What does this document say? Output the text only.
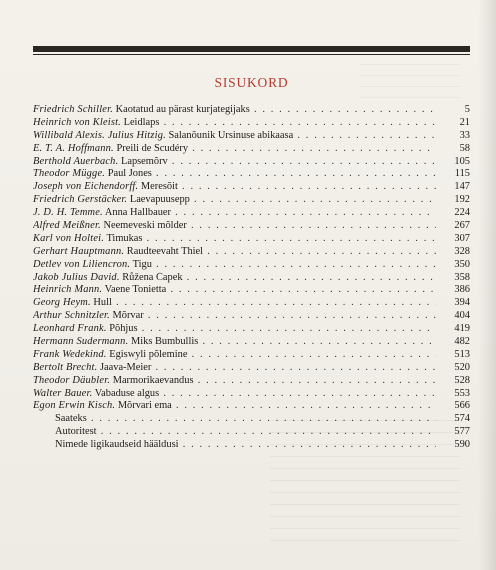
SISUKORD
Friedrich Schiller. Kaotatud au pärast kurjategijaks . . .	5
Heinrich von Kleist. Leidlaps . . .	21
Willibald Alexis. Julius Hitzig. Salanõunik Ursinuse abikaasa . . .	33
E. T. A. Hoffmann. Preili de Scudéry . . .	58
Berthold Auerbach. Lapsemõrv . . .	105
Theodor Mügge. Paul Jones . . .	115
Joseph von Eichendorff. Meresõit . . .	147
Friedrich Gerstäcker. Laevapuusepp . . .	192
J. D. H. Temme. Anna Hallbauer . . .	224
Alfred Meißner. Neemeveski mõlder . . .	267
Karl von Holtei. Timukas . . .	307
Gerhart Hauptmann. Raudteevaht Thiel . . .	328
Detlev von Liliencron. Tigu . . .	350
Jakob Julius David. Růžena Čapek . . .	358
Heinrich Mann. Vaene Tonietta . . .	386
Georg Heym. Hull . . .	394
Arthur Schnitzler. Mõrvar . . .	404
Leonhard Frank. Põhjus . . .	419
Hermann Sudermann. Miks Bumbullis . . .	482
Frank Wedekind. Egiswyli põlemine . . .	513
Bertolt Brecht. Jaava-Meier . . .	520
Theodor Däubler. Marmorikaevandus . . .	528
Walter Bauer. Vabaduse algus . . .	553
Egon Erwin Kisch. Mõrvari ema . . .	566
Saateks . . .	574
Autoritest . . .	577
Nimede ligikaudseid hääldusi . . .	590
